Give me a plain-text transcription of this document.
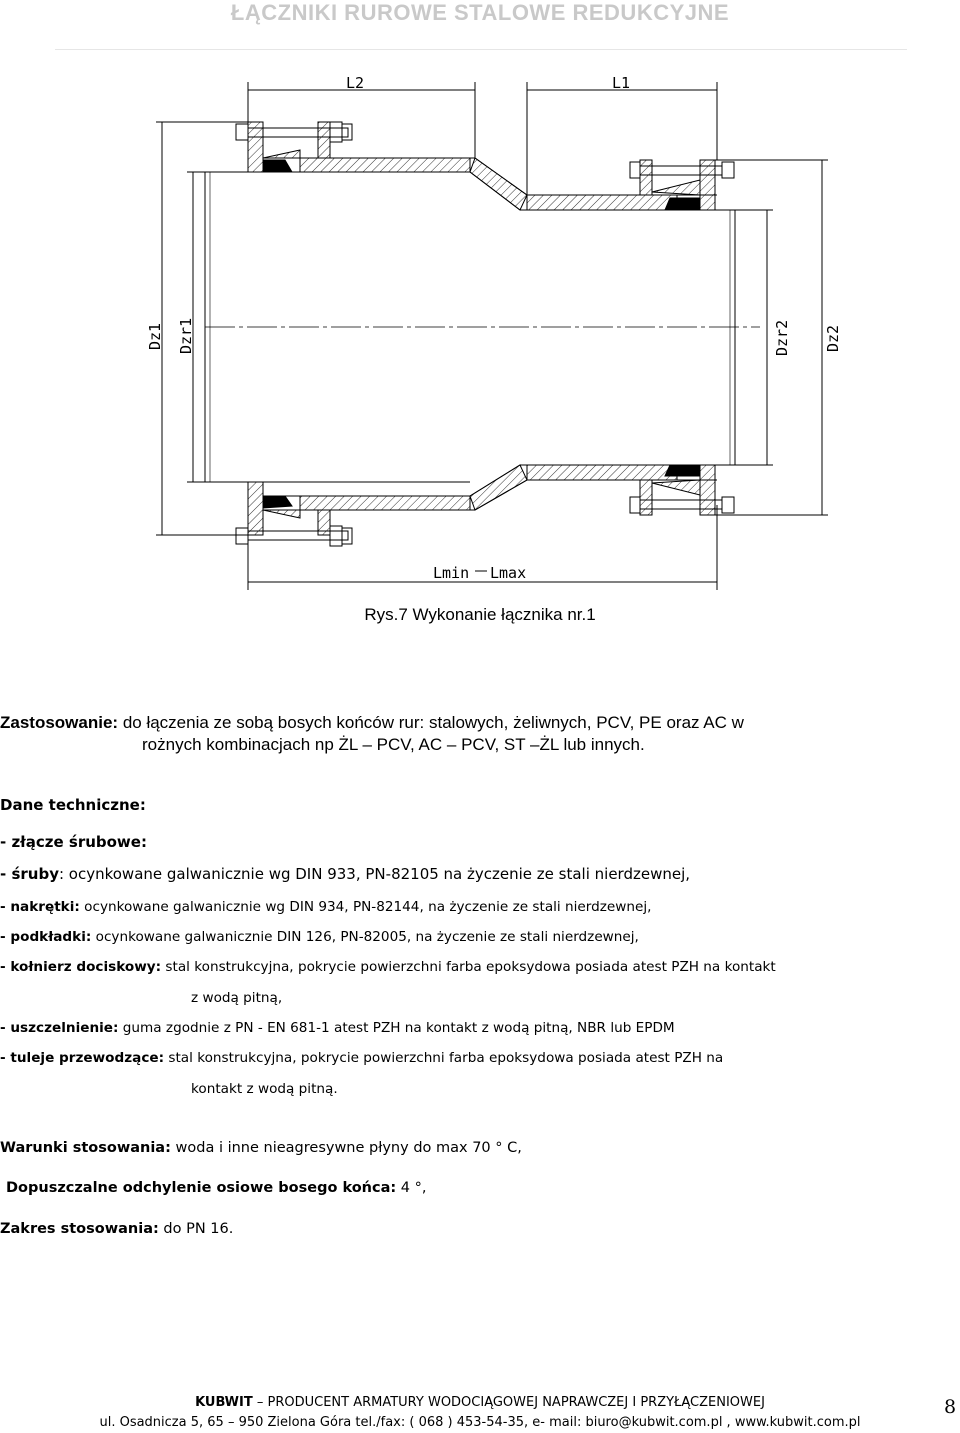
ŁĄCZNIKI RUROWE STALOWE REDUKCYJNE
L2	L1
Dz1 Dzr1	Dzr2 Dz2
Lmin Lmax
Rys.7 Wykonanie łącznika nr.1
Zastosowanie: do łączenia ze sobą bosych końców rur: stalowych, żeliwnych, PCV, PE oraz AC w
rożnych kombinacjach np ŻL – PCV, AC – PCV, ST –ŻL lub innych.
Dane techniczne:
- złącze śrubowe:
- śruby: ocynkowane galwanicznie wg DIN 933, PN-82105 na życzenie ze stali nierdzewnej,
- nakrętki: ocynkowane galwanicznie wg DIN 934, PN-82144, na życzenie ze stali nierdzewnej,
- podkładki: ocynkowane galwanicznie DIN 126, PN-82005, na życzenie ze stali nierdzewnej,
- kołnierz dociskowy: stal konstrukcyjna, pokrycie powierzchni farba epoksydowa posiada atest PZH na kontakt
z wodą pitną,
- uszczelnienie: guma zgodnie z PN - EN 681-1 atest PZH na kontakt z wodą pitną, NBR lub EPDM
- tuleje przewodzące: stal konstrukcyjna, pokrycie powierzchni farba epoksydowa posiada atest PZH na
kontakt z wodą pitną.
Warunki stosowania: woda i inne nieagresywne płyny do max 70 ° C,
Dopuszczalne odchylenie osiowe bosego końca: 4 °,
Zakres stosowania: do PN 16.
KUBWIT – PRODUCENT ARMATURY WODOCIĄGOWEJ NAPRAWCZEJ I PRZYŁĄCZENIOWEJ
ul. Osadnicza 5, 65 – 950 Zielona Góra tel./fax: ( 068 ) 453-54-35, e- mail: biuro@kubwit.com.pl , www.kubwit.com.pl
8
